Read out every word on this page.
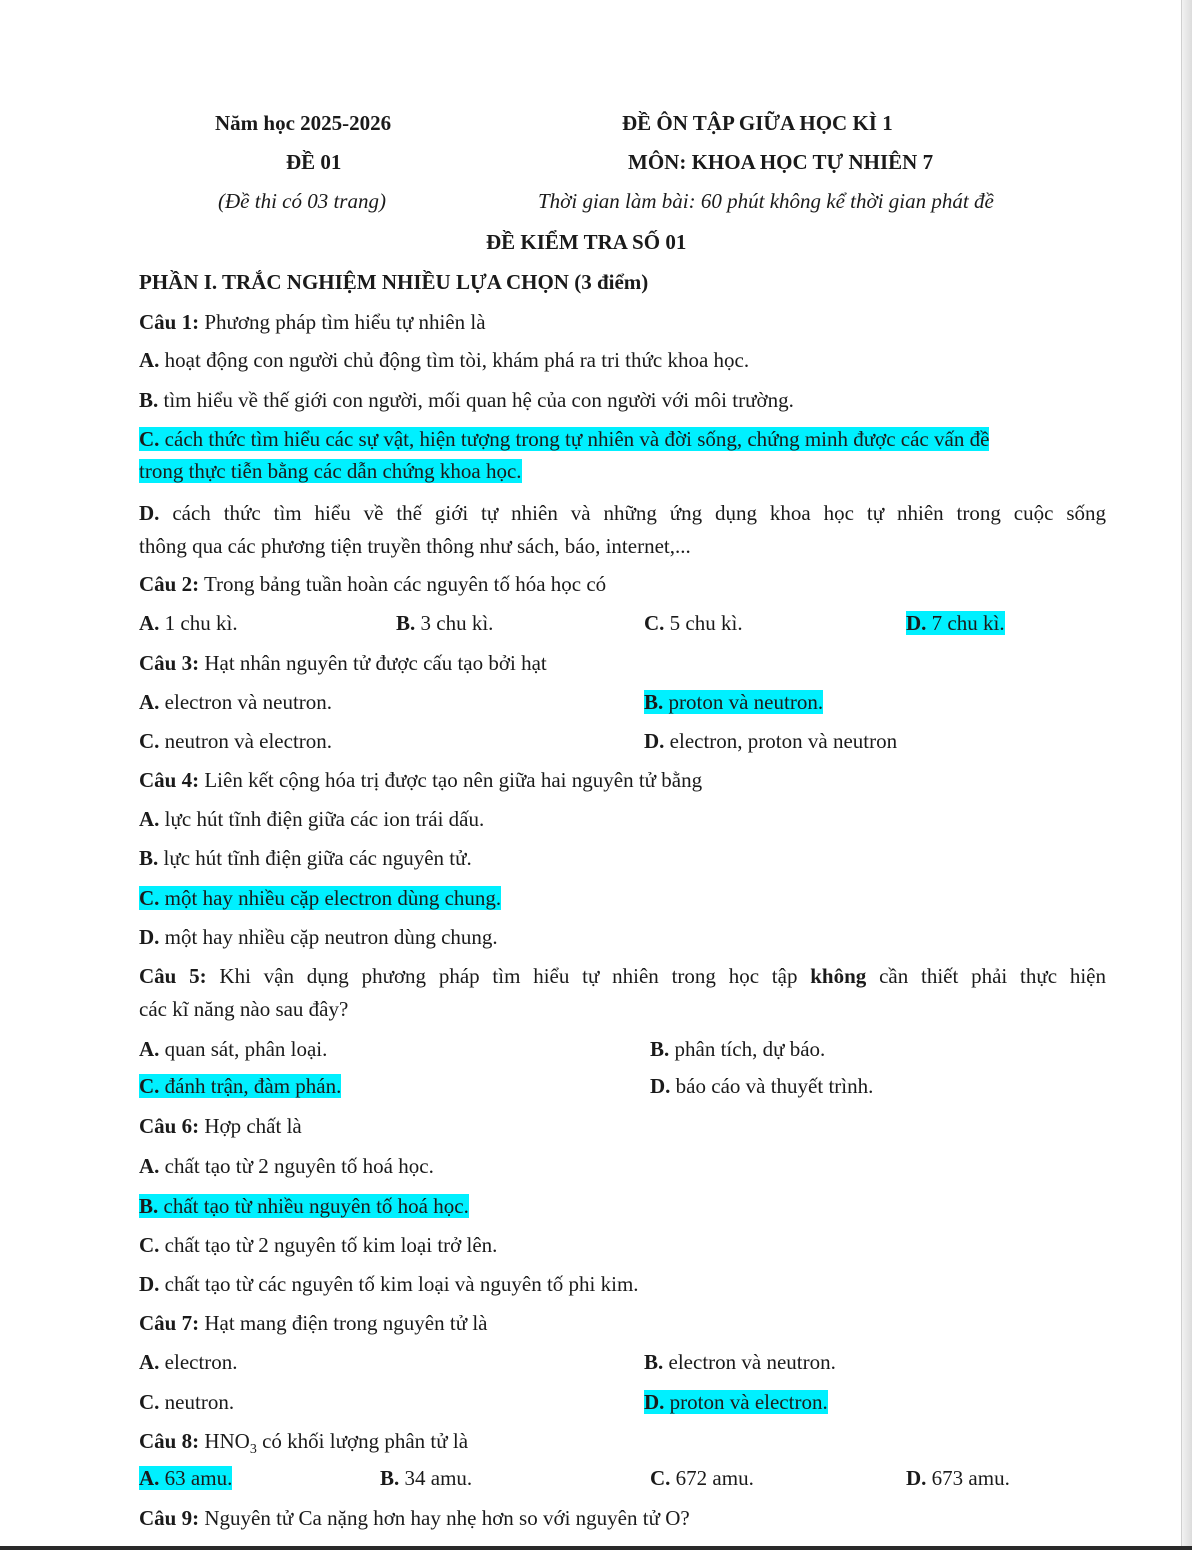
Năm học 2025-2026	ĐỀ ÔN TẬP GIỮA HỌC KÌ 1
ĐỀ 01	MÔN: KHOA HỌC TỰ NHIÊN 7
(Đề thi có 03 trang)	Thời gian làm bài: 60 phút không kể thời gian phát đề
ĐỀ KIỂM TRA SỐ 01
PHẦN I. TRẮC NGHIỆM NHIỀU LỰA CHỌN (3 điểm)
Câu 1: Phương pháp tìm hiểu tự nhiên là
A. hoạt động con người chủ động tìm tòi, khám phá ra tri thức khoa học.
B. tìm hiểu về thế giới con người, mối quan hệ của con người với môi trường.
C. cách thức tìm hiểu các sự vật, hiện tượng trong tự nhiên và đời sống, chứng minh được các vấn đề
trong thực tiễn bằng các dẫn chứng khoa học.
D. cách thức tìm hiểu về thế giới tự nhiên và những ứng dụng khoa học tự nhiên trong cuộc sống
thông qua các phương tiện truyền thông như sách, báo, internet,...
Câu 2: Trong bảng tuần hoàn các nguyên tố hóa học có
A. 1 chu kì.	B. 3 chu kì.	C. 5 chu kì.	D. 7 chu kì.
Câu 3: Hạt nhân nguyên tử được cấu tạo bởi hạt
A. electron và neutron.	B. proton và neutron.
C. neutron và electron.	D. electron, proton và neutron
Câu 4: Liên kết cộng hóa trị được tạo nên giữa hai nguyên tử bằng
A. lực hút tĩnh điện giữa các ion trái dấu.
B. lực hút tĩnh điện giữa các nguyên tử.
C. một hay nhiều cặp electron dùng chung.
D. một hay nhiều cặp neutron dùng chung.
Câu 5: Khi vận dụng phương pháp tìm hiểu tự nhiên trong học tập không cần thiết phải thực hiện
các kĩ năng nào sau đây?
A. quan sát, phân loại.	B. phân tích, dự báo.
C. đánh trận, đàm phán.	D. báo cáo và thuyết trình.
Câu 6: Hợp chất là
A. chất tạo từ 2 nguyên tố hoá học.
B. chất tạo từ nhiều nguyên tố hoá học.
C. chất tạo từ 2 nguyên tố kim loại trở lên.
D. chất tạo từ các nguyên tố kim loại và nguyên tố phi kim.
Câu 7: Hạt mang điện trong nguyên tử là
A. electron.	B. electron và neutron.
C. neutron.	D. proton và electron.
Câu 8: $HNO_3$ có khối lượng phân tử là
A. 63 amu.	B. 34 amu.	C. 672 amu.	D. 673 amu.
Câu 9: Nguyên tử Ca nặng hơn hay nhẹ hơn so với nguyên tử O?
